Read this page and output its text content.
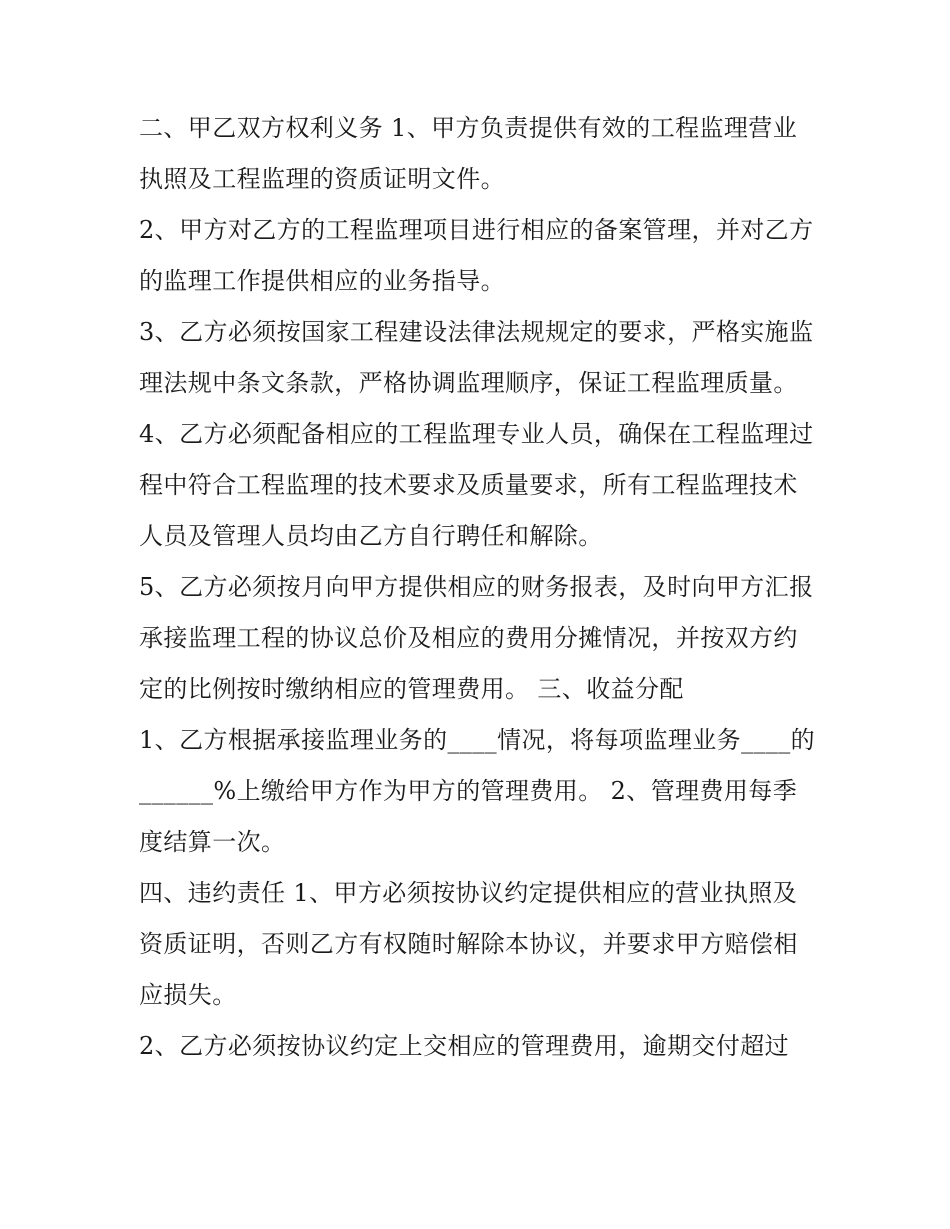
二、甲乙双方权利义务 1、甲方负责提供有效的工程监理营业执照及工程监理的资质证明文件。

2、甲方对乙方的工程监理项目进行相应的备案管理，并对乙方的监理工作提供相应的业务指导。

3、乙方必须按国家工程建设法律法规规定的要求，严格实施监理法规中条文条款，严格协调监理顺序，保证工程监理质量。

4、乙方必须配备相应的工程监理专业人员，确保在工程监理过程中符合工程监理的技术要求及质量要求，所有工程监理技术人员及管理人员均由乙方自行聘任和解除。

5、乙方必须按月向甲方提供相应的财务报表，及时向甲方汇报承接监理工程的协议总价及相应的费用分摊情况，并按双方约定的比例按时缴纳相应的管理费用。 三、收益分配

1、乙方根据承接监理业务的____情况，将每项监理业务____的______%上缴给甲方作为甲方的管理费用。 2、管理费用每季度结算一次。

四、违约责任 1、甲方必须按协议约定提供相应的营业执照及资质证明，否则乙方有权随时解除本协议，并要求甲方赔偿相应损失。

2、乙方必须按协议约定上交相应的管理费用，逾期交付超过
